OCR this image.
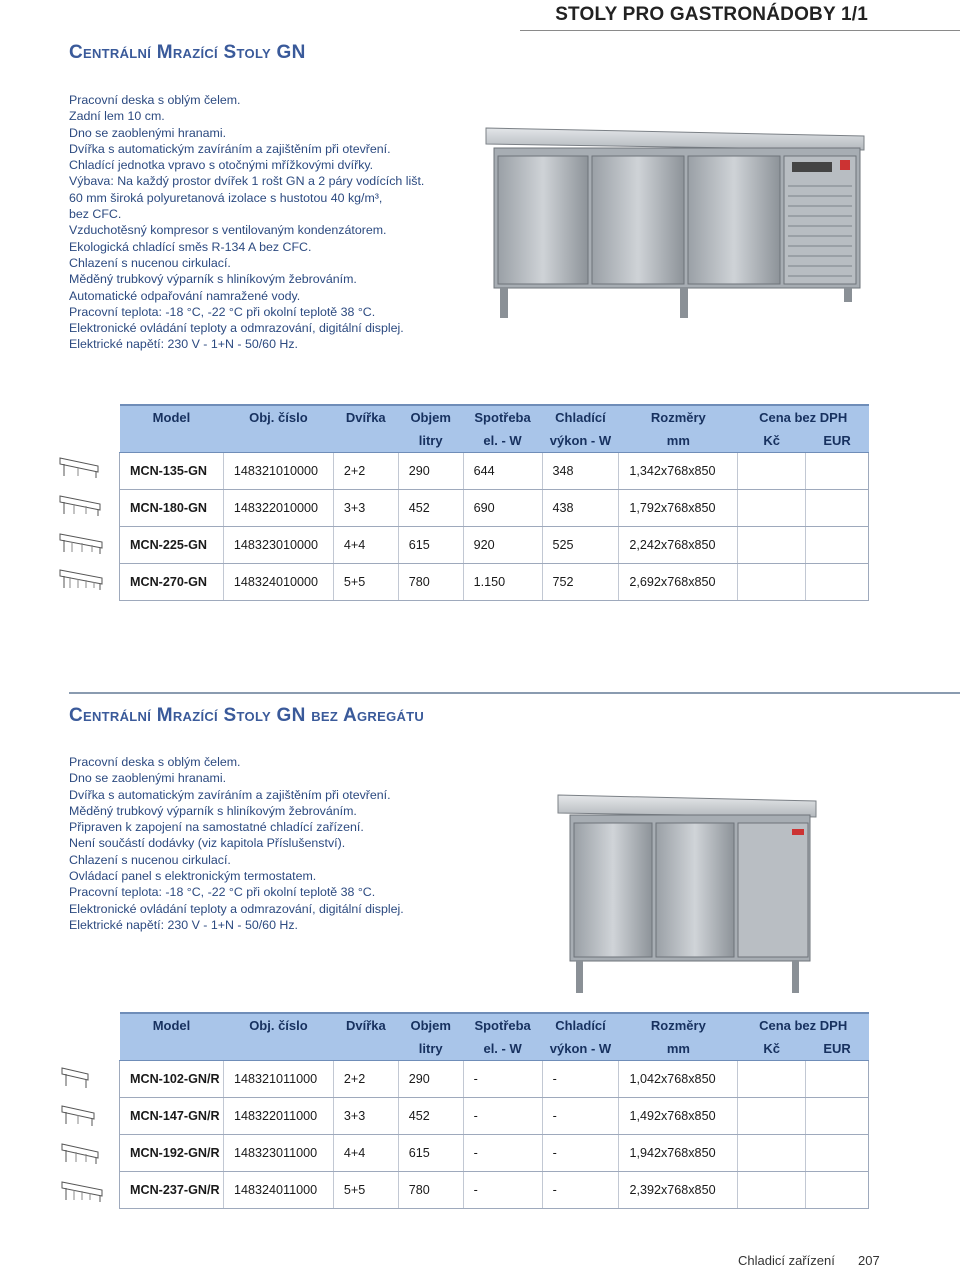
STOLY PRO GASTRONÁDOBY 1/1
Centrální Mrazící Stoly GN
Pracovní deska s oblým čelem.
Zadní lem 10 cm.
Dno se zaoblenými hranami.
Dvířka s automatickým zavíráním a zajištěním při otevření.
Chladící jednotka vpravo s otočnými mřížkovými dvířky.
Výbava: Na každý prostor dvířek 1 rošt GN a 2 páry vodících lišt.
60 mm široká polyuretanová izolace s hustotou 40 kg/m³,
bez CFC.
Vzduchotěsný kompresor s ventilovaným kondenzátorem.
Ekologická chladící směs R-134 A bez CFC.
Chlazení s nucenou cirkulací.
Měděný trubkový výparník s hliníkovým žebrováním.
Automatické odpařování namražené vody.
Pracovní teplota: -18 °C, -22 °C při okolní teplotě 38 °C.
Elektronické ovládání teploty a odmrazování, digitální displej.
Elektrické napětí: 230 V - 1+N - 50/60 Hz.
Model	Obj. číslo	Dvířka	Objem	Spotřeba	Chladící	Rozměry	Cena bez DPH	
			litry	el. - W	výkon - W	mm	Kč	EUR
MCN-135-GN	148321010000	2+2	290	644	348	1,342x768x850		
MCN-180-GN	148322010000	3+3	452	690	438	1,792x768x850		
MCN-225-GN	148323010000	4+4	615	920	525	2,242x768x850		
MCN-270-GN	148324010000	5+5	780	1.150	752	2,692x768x850		
Centrální Mrazící Stoly GN bez Agregátu
Pracovní deska s oblým čelem.
Dno se zaoblenými hranami.
Dvířka s automatickým zavíráním a zajištěním při otevření.
Měděný trubkový výparník s hliníkovým žebrováním.
Připraven k zapojení na samostatné chladící zařízení.
Není součástí dodávky (viz kapitola Příslušenství).
Chlazení s nucenou cirkulací.
Ovládací panel s elektronickým termostatem.
Pracovní teplota: -18 °C, -22 °C při okolní teplotě 38 °C.
Elektronické ovládání teploty a odmrazování, digitální displej.
Elektrické napětí: 230 V - 1+N - 50/60 Hz.
Model	Obj. číslo	Dvířka	Objem	Spotřeba	Chladící	Rozměry	Cena bez DPH	
			litry	el. - W	výkon - W	mm	Kč	EUR
MCN-102-GN/R	148321011000	2+2	290	-	-	1,042x768x850		
MCN-147-GN/R	148322011000	3+3	452	-	-	1,492x768x850		
MCN-192-GN/R	148323011000	4+4	615	-	-	1,942x768x850		
MCN-237-GN/R	148324011000	5+5	780	-	-	2,392x768x850		
Chladicí zařízení 207
